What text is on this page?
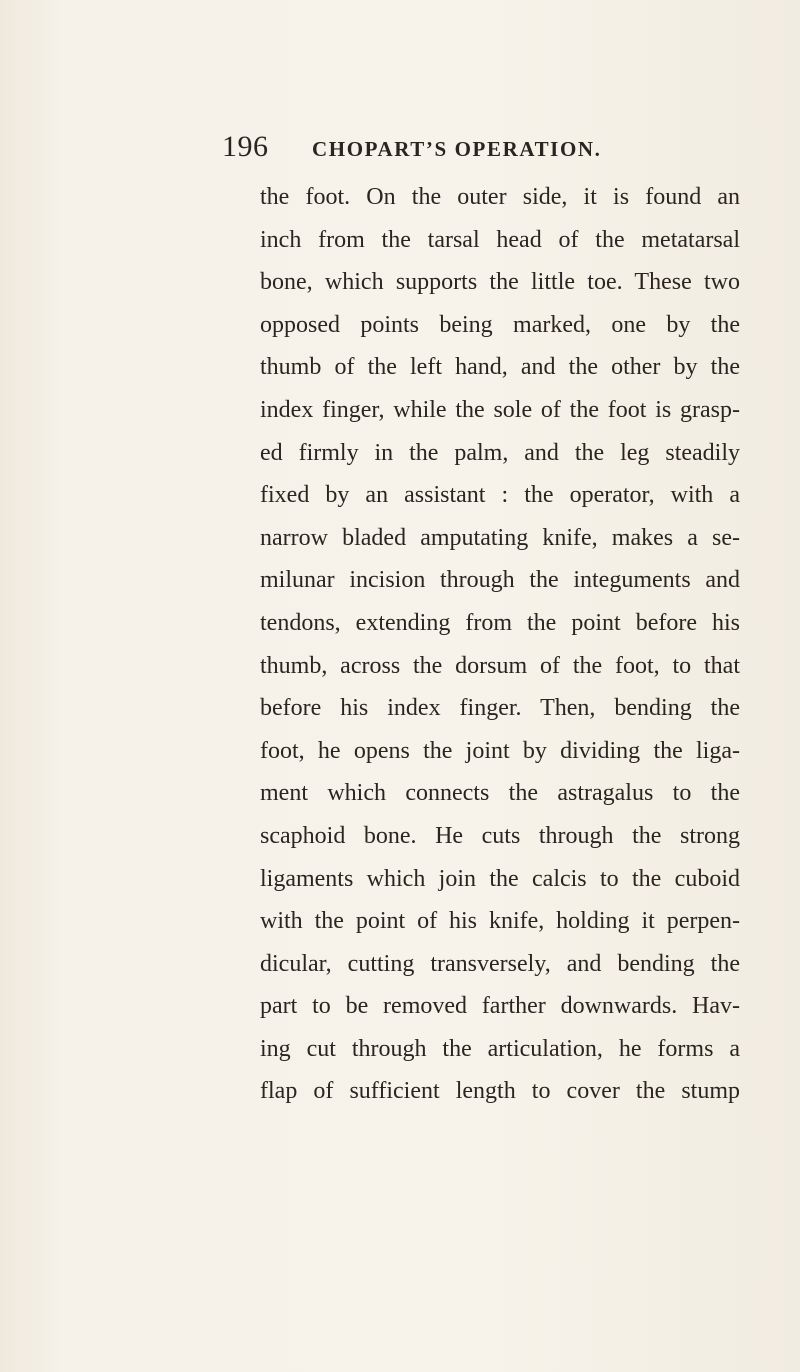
196 CHOPART’S OPERATION.
the foot. On the outer side, it is found an
inch from the tarsal head of the metatarsal
bone, which supports the little toe. These two
opposed points being marked, one by the
thumb of the left hand, and the other by the
index finger, while the sole of the foot is grasp-
ed firmly in the palm, and the leg steadily
fixed by an assistant : the operator, with a
narrow bladed amputating knife, makes a se-
milunar incision through the integuments and
tendons, extending from the point before his
thumb, across the dorsum of the foot, to that
before his index finger. Then, bending the
foot, he opens the joint by dividing the liga-
ment which connects the astragalus to the
scaphoid bone. He cuts through the strong
ligaments which join the calcis to the cuboid
with the point of his knife, holding it perpen-
dicular, cutting transversely, and bending the
part to be removed farther downwards. Hav-
ing cut through the articulation, he forms a
flap of sufficient length to cover the stump
